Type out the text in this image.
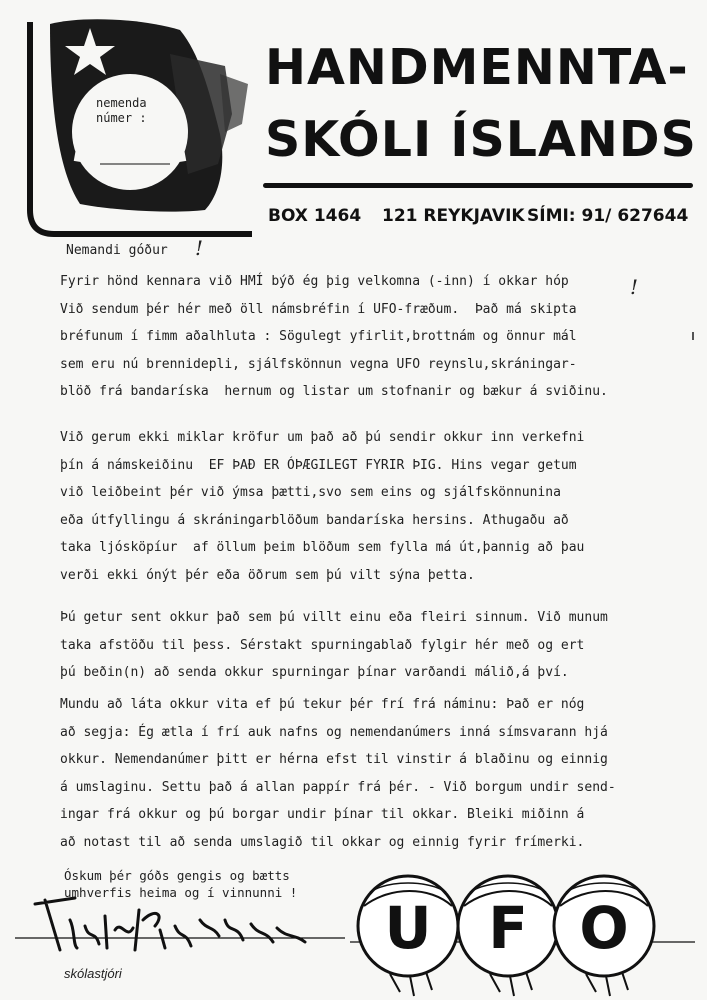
nemenda
númer :
HANDMENNTA-
SKÓLI ÍSLANDS
BOX 1464 121 REYKJAVIK SÍMI: 91/ 627644
Nemandi góður !
!
Fyrir hönd kennara við HMÍ býð ég þig velkomna (-inn) í okkar hóp
Við sendum þér hér með öll námsbréfin í UFO-fræðum.  Það má skipta
bréfunum í fimm aðalhluta : Sögulegt yfirlit,brottnám og önnur mál
sem eru nú brennidepli, sjálfskönnun vegna UFO reynslu,skráningar-
blöð frá bandaríska  hernum og listar um stofnanir og bækur á sviðinu.
Við gerum ekki miklar kröfur um það að þú sendir okkur inn verkefni
þín á námskeiðinu  EF ÞAÐ ER ÓÞÆGILEGT FYRIR ÞIG. Hins vegar getum
við leiðbeint þér við ýmsa þætti,svo sem eins og sjálfskönnunina
eða útfyllingu á skráningarblöðum bandaríska hersins. Athugaðu að
taka ljósköpíur  af öllum þeim blöðum sem fylla má út,þannig að þau
verði ekki ónýt þér eða öðrum sem þú vilt sýna þetta.
Þú getur sent okkur það sem þú villt einu eða fleiri sinnum. Við munum
taka afstöðu til þess. Sérstakt spurningablað fylgir hér með og ert
þú beðin(n) að senda okkur spurningar þínar varðandi málið,á því.
Mundu að láta okkur vita ef þú tekur þér frí frá náminu: Það er nóg
að segja: Ég ætla í frí auk nafns og nemendanúmers inná símsvarann hjá
okkur. Nemendanúmer þitt er hérna efst til vinstir á blaðinu og einnig
á umslaginu. Settu það á allan pappír frá þér. - Við borgum undir send-
ingar frá okkur og þú borgar undir þínar til okkar. Bleiki miðinn á
að notast til að senda umslagið til okkar og einnig fyrir frímerki.
Óskum þér góðs gengis og bætts
umhverfis heima og í vinnunni !
skólastjóri
U F O
